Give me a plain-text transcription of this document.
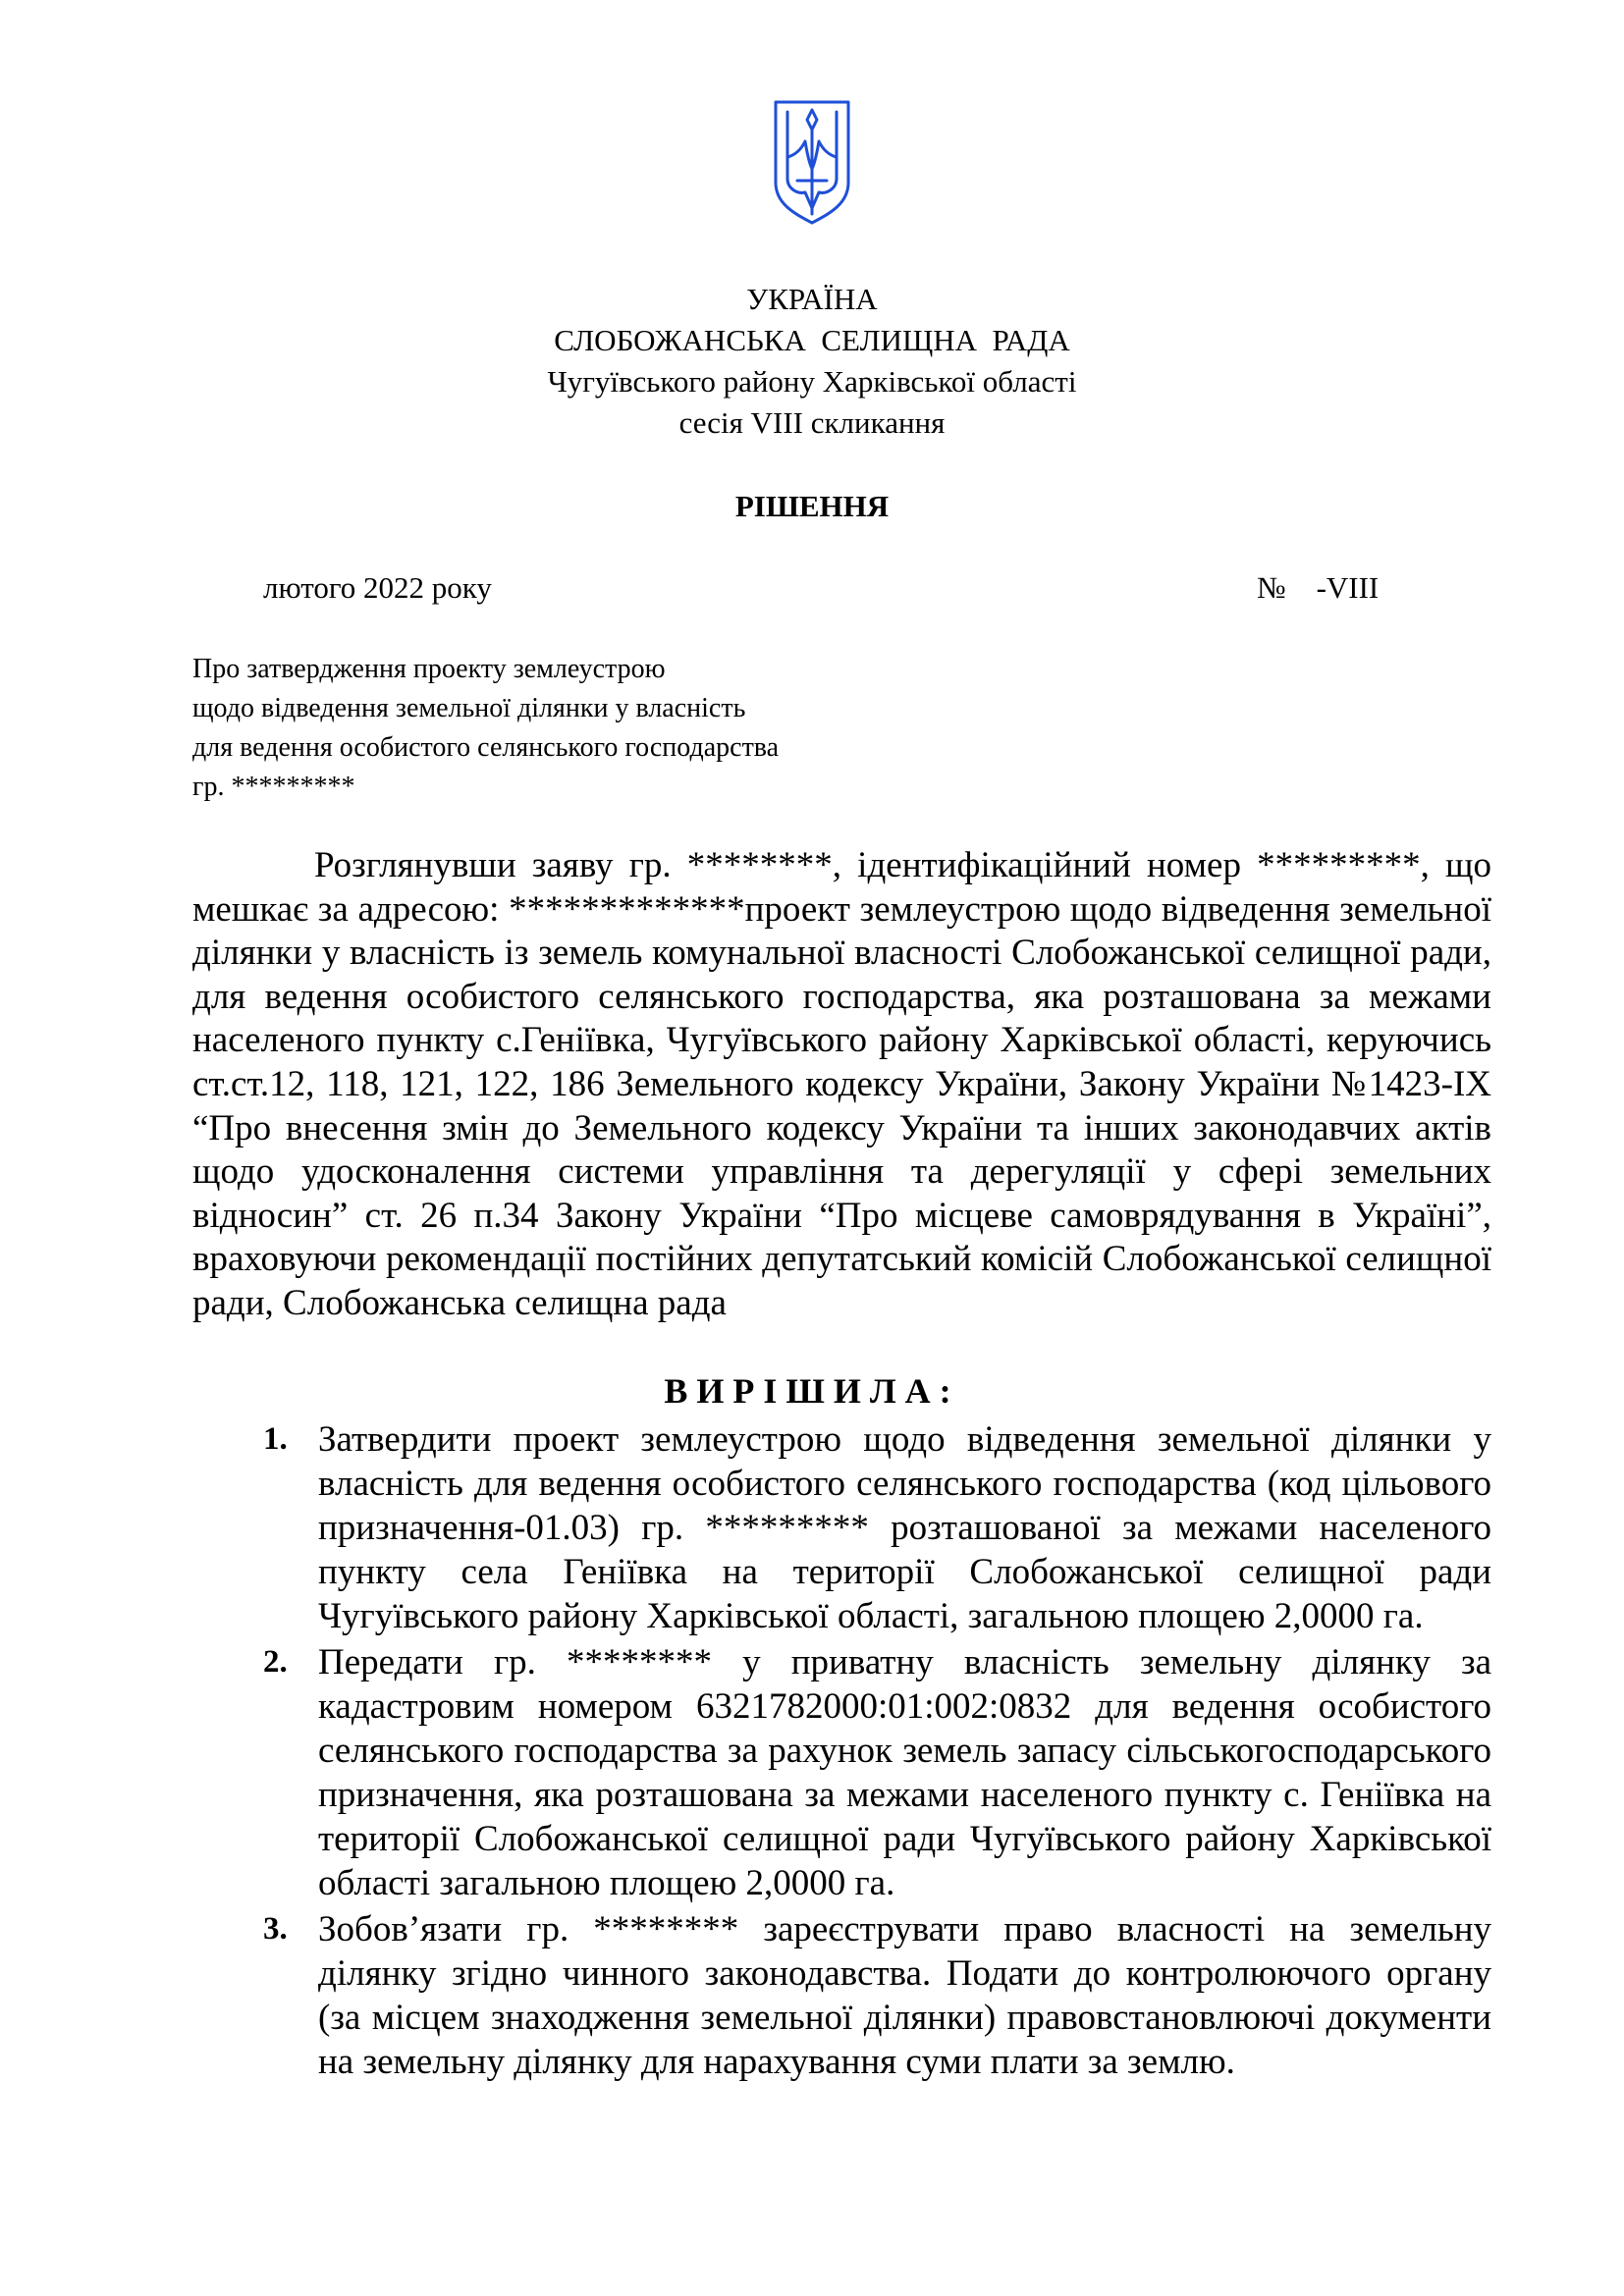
УКРАЇНА
СЛОБОЖАНСЬКА  СЕЛИЩНА  РАДА
Чугуївського району Харківської області
сесія VIII скликання
РІШЕННЯ
лютого 2022 року	№    -VIII
Про затвердження проекту землеустрою
щодо відведення земельної ділянки у власність
для ведення особистого селянського господарства
гр. *********
Розглянувши заяву гр. ********, ідентифікаційний номер *********, що мешкає за адресою: *************проект землеустрою щодо відведення земельної ділянки у власність із земель комунальної власності Слобожанської селищної ради, для ведення особистого селянського господарства, яка розташована за межами населеного пункту с.Геніївка, Чугуївського району Харківської області, керуючись ст.ст.12, 118, 121, 122, 186 Земельного кодексу України, Закону України №1423-IX “Про внесення змін до Земельного кодексу України та інших законодавчих актів щодо удосконалення системи управління та дерегуляції у сфері земельних відносин” ст. 26 п.34 Закону України “Про місцеве самоврядування в Україні”, враховуючи рекомендації постійних депутатський комісій Слобожанської селищної ради, Слобожанська селищна рада
ВИРІШИЛА:
1. Затвердити проект землеустрою щодо відведення земельної ділянки у власність для ведення особистого селянського господарства (код цільового призначення-01.03) гр. ********* розташованої за межами населеного пункту села Геніївка на території Слобожанської селищної ради Чугуївського району Харківської області, загальною площею 2,0000 га.
2. Передати гр. ******** у приватну власність земельну ділянку за кадастровим номером 6321782000:01:002:0832 для ведення особистого селянського господарства за рахунок земель запасу сільськогосподарського призначення, яка розташована за межами населеного пункту с. Геніївка на території Слобожанської селищної ради Чугуївського району Харківської області загальною площею 2,0000 га.
3. Зобов’язати гр. ******** зареєструвати право власності на земельну ділянку згідно чинного законодавства. Подати до контролюючого органу (за місцем знаходження земельної ділянки) правовстановлюючі документи на земельну ділянку для нарахування суми плати за землю.
